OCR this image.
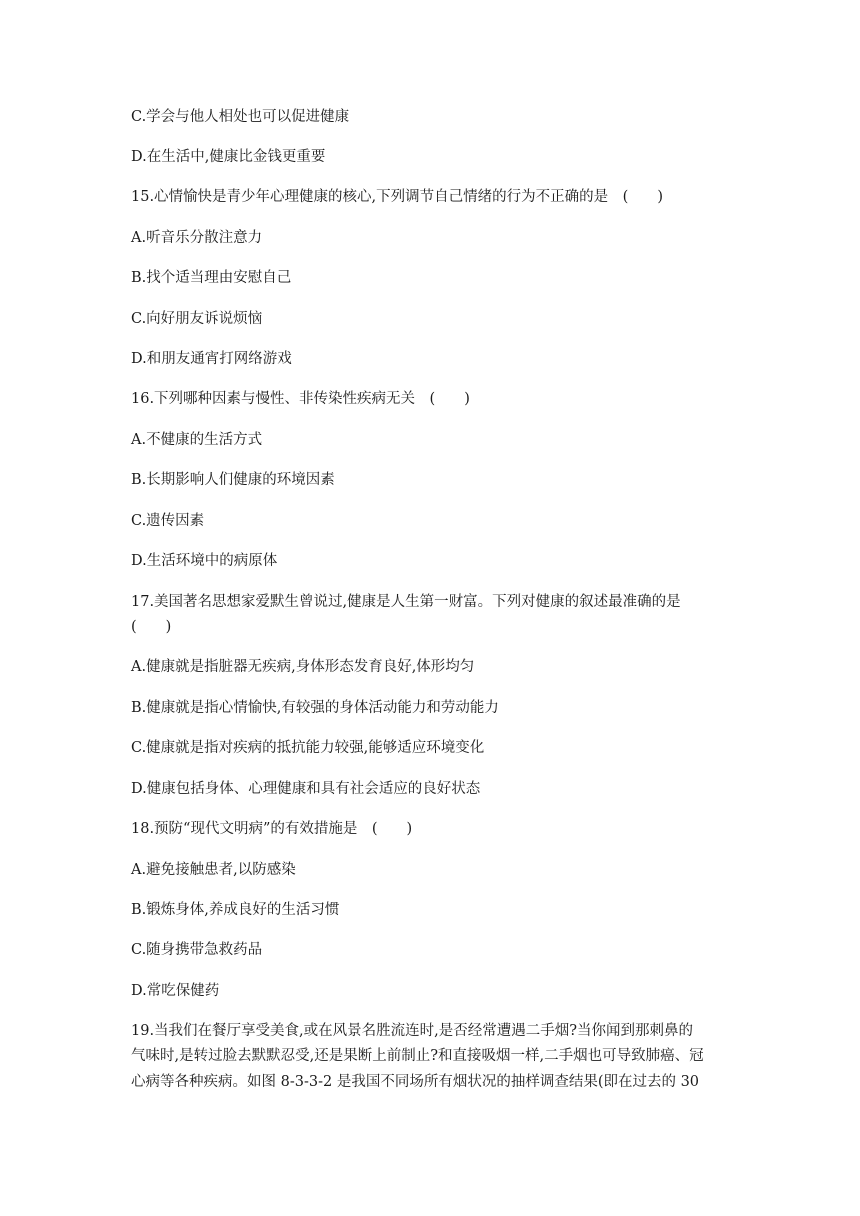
C.学会与他人相处也可以促进健康
D.在生活中,健康比金钱更重要
15.心情愉快是青少年心理健康的核心,下列调节自己情绪的行为不正确的是　(　　)
A.听音乐分散注意力
B.找个适当理由安慰自己
C.向好朋友诉说烦恼
D.和朋友通宵打网络游戏
16.下列哪种因素与慢性、非传染性疾病无关　(　　)
A.不健康的生活方式
B.长期影响人们健康的环境因素
C.遗传因素
D.生活环境中的病原体
17.美国著名思想家爱默生曾说过,健康是人生第一财富。下列对健康的叙述最准确的是
(　　)
A.健康就是指脏器无疾病,身体形态发育良好,体形均匀
B.健康就是指心情愉快,有较强的身体活动能力和劳动能力
C.健康就是指对疾病的抵抗能力较强,能够适应环境变化
D.健康包括身体、心理健康和具有社会适应的良好状态
18.预防“现代文明病”的有效措施是　(　　)
A.避免接触患者,以防感染
B.锻炼身体,养成良好的生活习惯
C.随身携带急救药品
D.常吃保健药
19.当我们在餐厅享受美食,或在风景名胜流连时,是否经常遭遇二手烟?当你闻到那刺鼻的
气味时,是转过脸去默默忍受,还是果断上前制止?和直接吸烟一样,二手烟也可导致肺癌、冠
心病等各种疾病。如图 8-3-3-2 是我国不同场所有烟状况的抽样调查结果(即在过去的 30
